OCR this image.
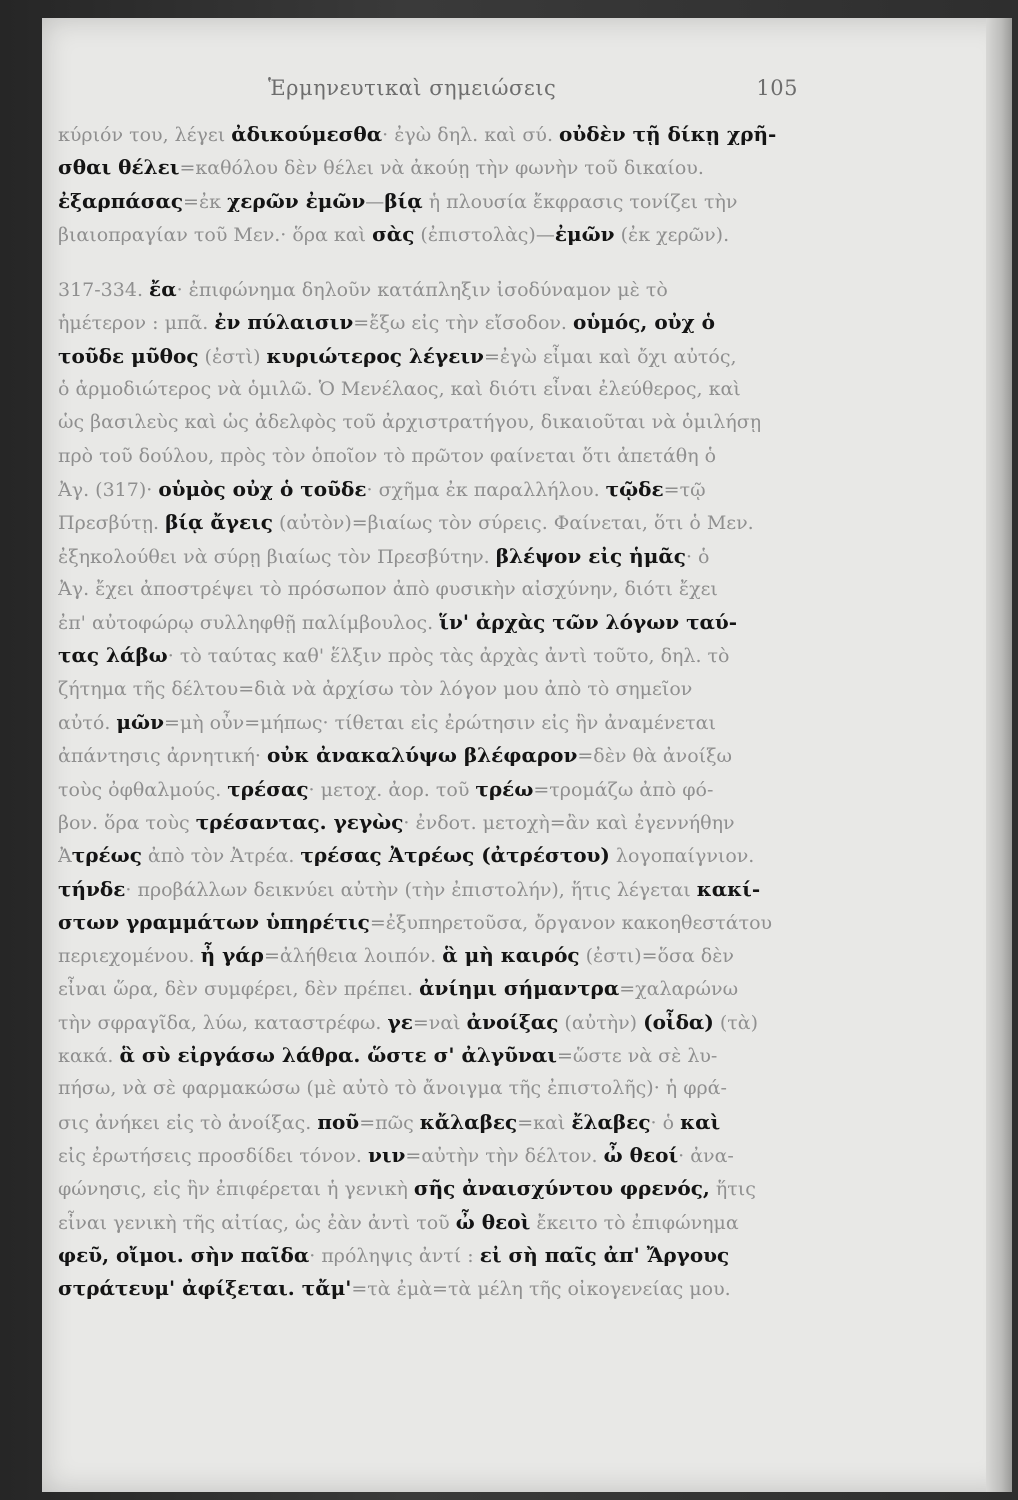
Ἑρμηνευτικαὶ σημειώσεις	105
κύριόν του, λέγει ἀδικούμεσθα· ἐγὼ δηλ. καὶ σύ. οὐδὲν τῇ δίκῃ χρῆ-
σθαι θέλει=καθόλου δὲν θέλει νὰ ἀκούῃ τὴν φωνὴν τοῦ δικαίου.
ἐξαρπάσας=ἐκ χερῶν ἐμῶν—βίᾳ ἡ πλουσία ἔκφρασις τονίζει τὴν
βιαιοπραγίαν τοῦ Μεν.· ὅρα καὶ σὰς (ἐπιστολὰς)—ἐμῶν (ἐκ χερῶν).
317-334. ἔα· ἐπιφώνημα δηλοῦν κατάπληξιν ἰσοδύναμον μὲ τὸ
ἡμέτερον : μπᾶ. ἐν πύλαισιν=ἔξω εἰς τὴν εἴσοδον. οὑμός, οὐχ ὁ
τοῦδε μῦθος (ἐστὶ) κυριώτερος λέγειν=ἐγὼ εἶμαι καὶ ὄχι αὐτός,
ὁ ἁρμοδιώτερος νὰ ὁμιλῶ. Ὁ Μενέλαος, καὶ διότι εἶναι ἐλεύθερος, καὶ
ὡς βασιλεὺς καὶ ὡς ἀδελφὸς τοῦ ἀρχιστρατήγου, δικαιοῦται νὰ ὁμιλήσῃ
πρὸ τοῦ δούλου, πρὸς τὸν ὁποῖον τὸ πρῶτον φαίνεται ὅτι ἀπετάθη ὁ
Ἀγ. (317)· οὑμὸς οὐχ ὁ τοῦδε· σχῆμα ἐκ παραλλήλου. τῷδε=τῷ
Πρεσβύτῃ. βίᾳ ἄγεις (αὐτὸν)=βιαίως τὸν σύρεις. Φαίνεται, ὅτι ὁ Μεν.
ἐξηκολούθει νὰ σύρῃ βιαίως τὸν Πρεσβύτην. βλέψον εἰς ἡμᾶς· ὁ
Ἀγ. ἔχει ἀποστρέψει τὸ πρόσωπον ἀπὸ φυσικὴν αἰσχύνην, διότι ἔχει
ἐπ' αὐτοφώρῳ συλληφθῇ παλίμβουλος. ἵν' ἀρχὰς τῶν λόγων ταύ-
τας λάβω· τὸ ταύτας καθ' ἕλξιν πρὸς τὰς ἀρχὰς ἀντὶ τοῦτο, δηλ. τὸ
ζήτημα τῆς δέλτου=διὰ νὰ ἀρχίσω τὸν λόγον μου ἀπὸ τὸ σημεῖον
αὐτό. μῶν=μὴ οὖν=μήπως· τίθεται εἰς ἐρώτησιν εἰς ἣν ἀναμένεται
ἀπάντησις ἀρνητική· οὐκ ἀνακαλύψω βλέφαρον=δὲν θὰ ἀνοίξω
τοὺς ὀφθαλμούς. τρέσας· μετοχ. ἀορ. τοῦ τρέω=τρομάζω ἀπὸ φό-
βον. ὅρα τοὺς τρέσαντας. γεγὼς· ἐνδοτ. μετοχὴ=ἂν καὶ ἐγεννήθην
Ἀτρέως ἀπὸ τὸν Ἀτρέα. τρέσας Ἀτρέως (ἀτρέστου) λογοπαίγνιον.
τήνδε· προβάλλων δεικνύει αὐτὴν (τὴν ἐπιστολήν), ἥτις λέγεται κακί-
στων γραμμάτων ὑπηρέτις=ἐξυπηρετοῦσα, ὄργανον κακοηθεστάτου
περιεχομένου. ἦ γάρ=ἀλήθεια λοιπόν. ἃ μὴ καιρός (ἐστι)=ὅσα δὲν
εἶναι ὥρα, δὲν συμφέρει, δὲν πρέπει. ἀνίημι σήμαντρα=χαλαρώνω
τὴν σφραγῖδα, λύω, καταστρέφω. γε=ναὶ ἀνοίξας (αὐτὴν) (οἶδα) (τὰ)
κακά. ἃ σὺ εἰργάσω λάθρα. ὥστε σ' ἀλγῦναι=ὥστε νὰ σὲ λυ-
πήσω, νὰ σὲ φαρμακώσω (μὲ αὐτὸ τὸ ἄνοιγμα τῆς ἐπιστολῆς)· ἡ φρά-
σις ἀνήκει εἰς τὸ ἀνοίξας. ποῦ=πῶς κἄλαβες=καὶ ἔλαβες· ὁ καὶ
εἰς ἐρωτήσεις προσδίδει τόνον. νιν=αὐτὴν τὴν δέλτον. ὦ θεοί· ἀνα-
φώνησις, εἰς ἣν ἐπιφέρεται ἡ γενικὴ σῆς ἀναισχύντου φρενός, ἥτις
εἶναι γενικὴ τῆς αἰτίας, ὡς ἐὰν ἀντὶ τοῦ ὦ θεοὶ ἔκειτο τὸ ἐπιφώνημα
φεῦ, οἴμοι. σὴν παῖδα· πρόληψις ἀντί : εἰ σὴ παῖς ἀπ' Ἄργους
στράτευμ' ἀφίξεται. τἄμ'=τὰ ἐμὰ=τὰ μέλη τῆς οἰκογενείας μου.
